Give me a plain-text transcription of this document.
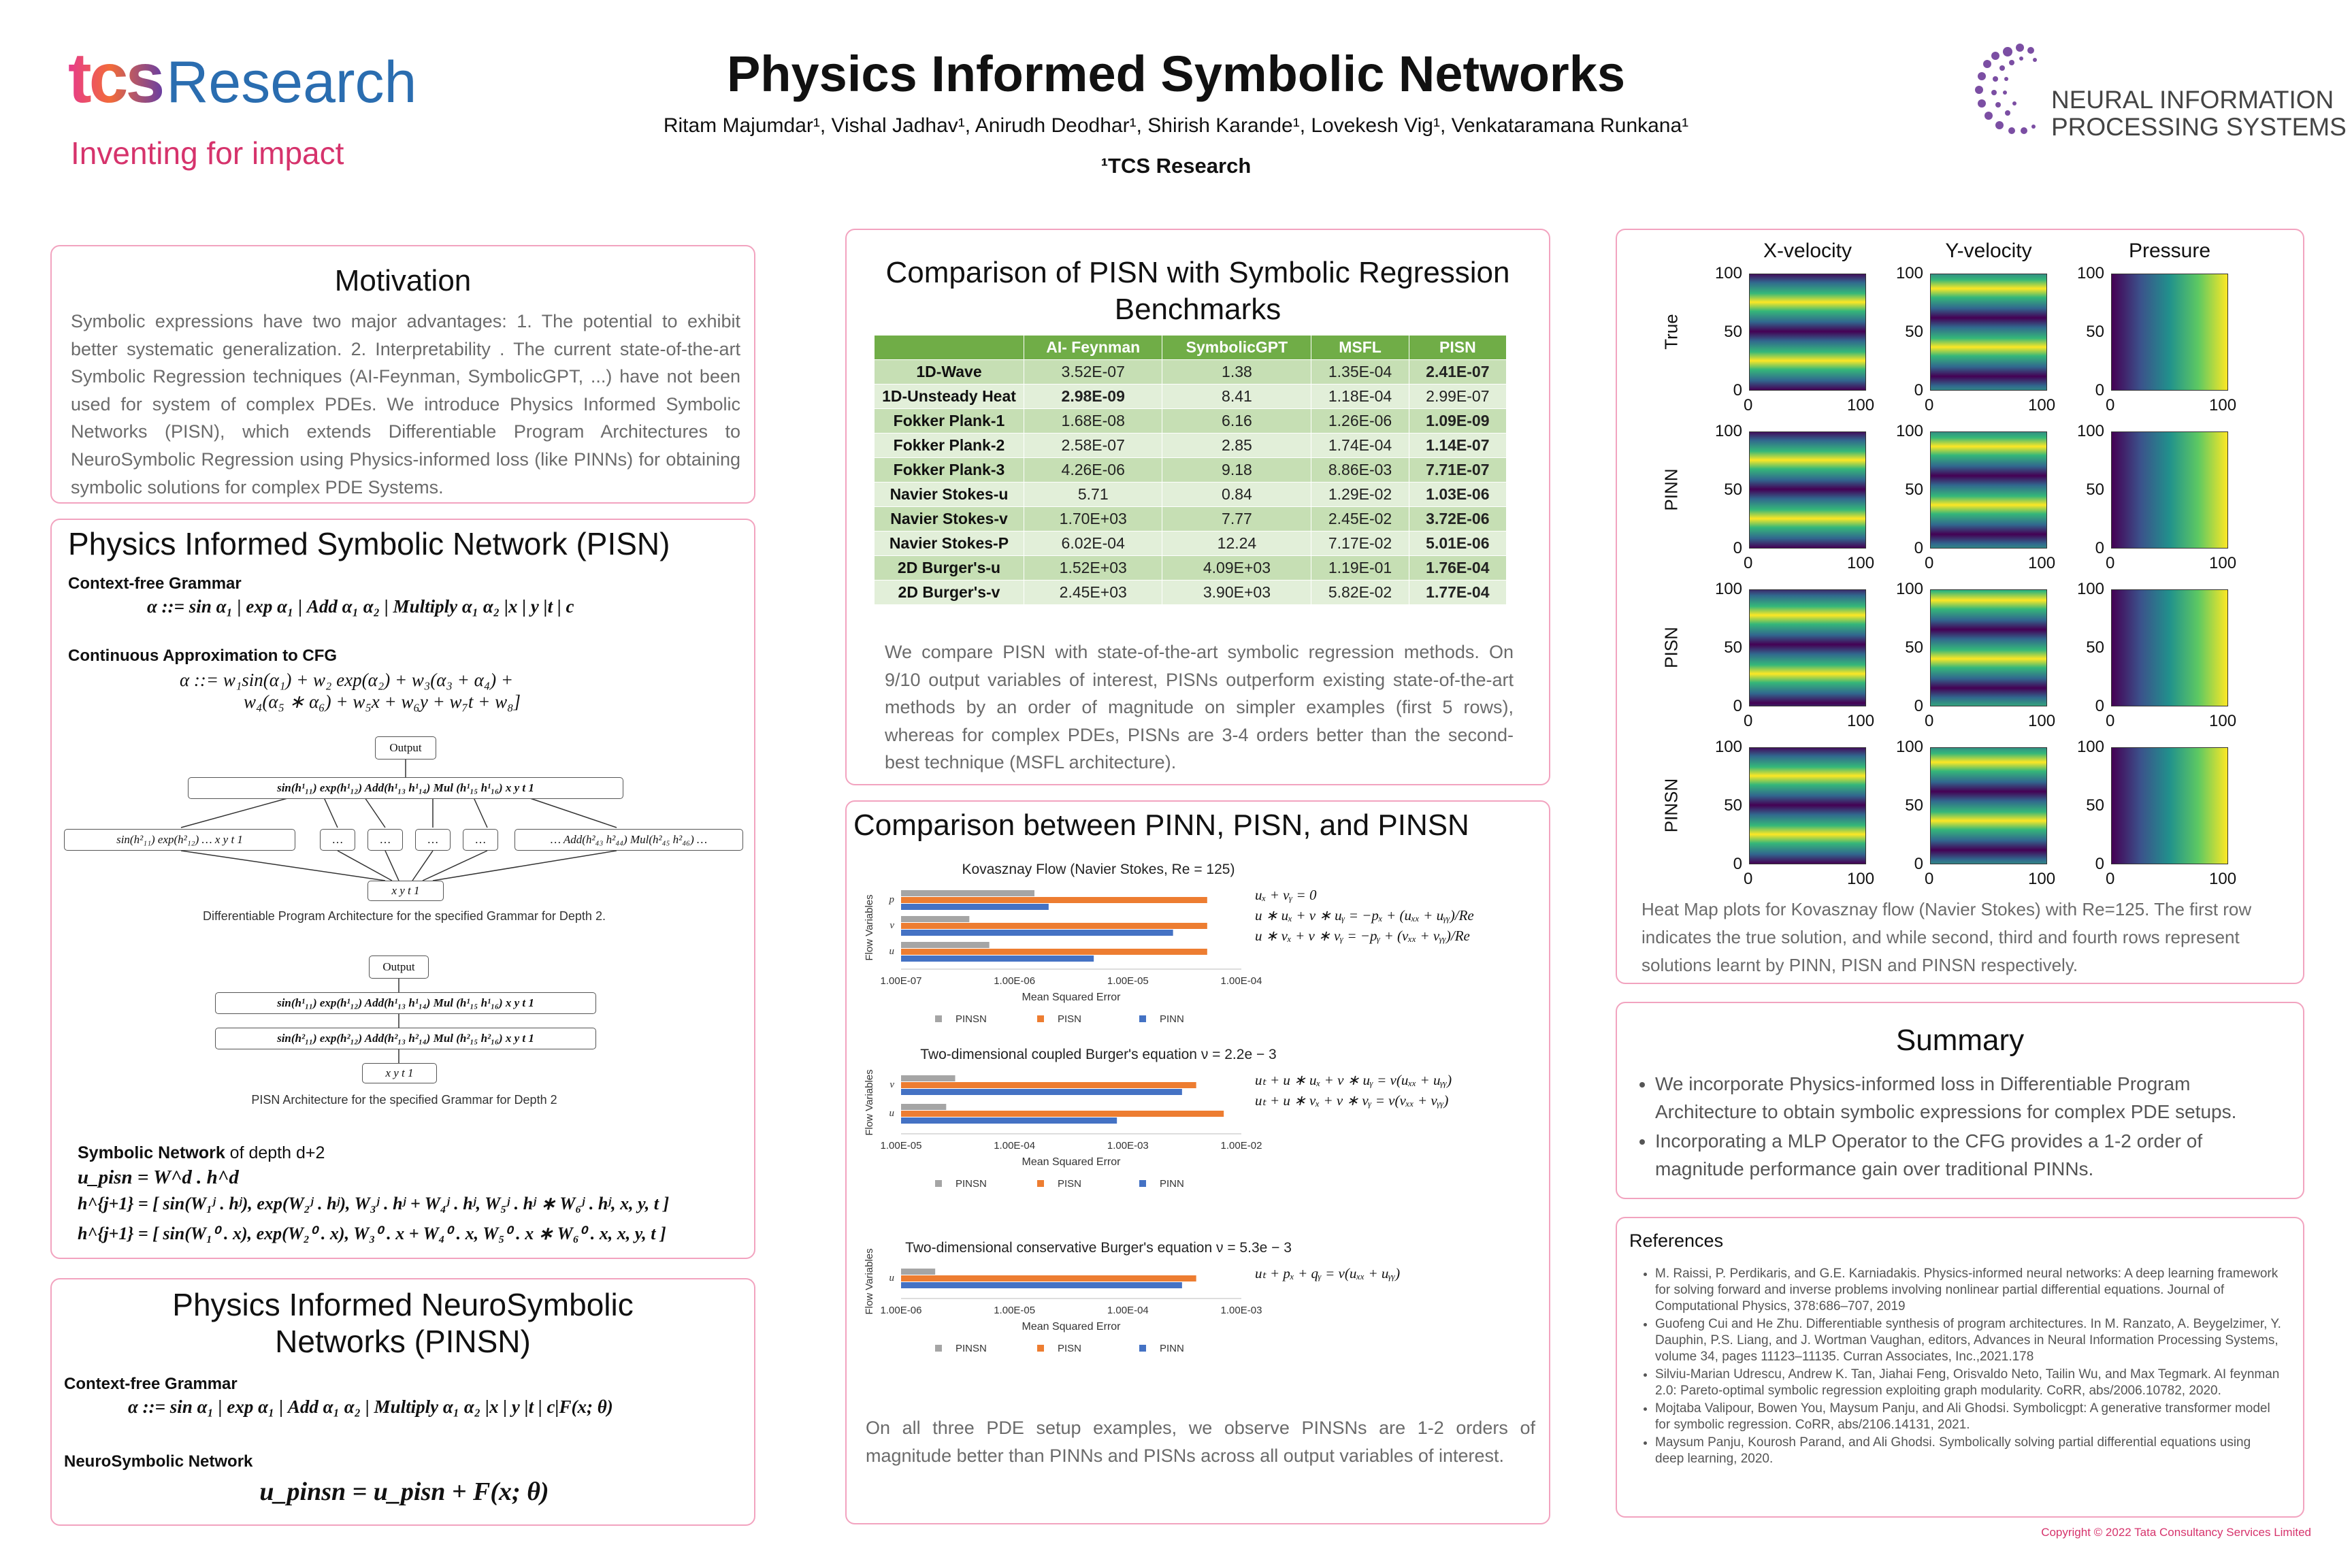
tcsResearch
Inventing for impact
Physics Informed Symbolic Networks
Ritam Majumdar¹, Vishal Jadhav¹, Anirudh Deodhar¹, Shirish Karande¹, Lovekesh Vig¹, Venkataramana Runkana¹
¹TCS Research
NEURAL INFORMATION
PROCESSING SYSTEMS
Motivation
Symbolic expressions have two major advantages: 1. The potential to exhibit better systematic generalization. 2. Interpretability . The current state-of-the-art Symbolic Regression techniques (AI-Feynman, SymbolicGPT, ...) have not been used for system of complex PDEs. We introduce Physics Informed Symbolic Networks (PISN), which extends Differentiable Program Architectures to NeuroSymbolic Regression using Physics-informed loss (like PINNs) for obtaining symbolic solutions for complex PDE Systems.
Physics Informed Symbolic Network (PISN)
Context-free Grammar
α ::= sin α₁ | exp α₁ | Add α₁ α₂ | Multiply α₁ α₂ |x | y |t | c
Continuous Approximation to CFG
α ::= w₁sin(α₁) + w₂ exp(α₂) + w₃(α₃ + α₄) +
w₄(α₅ ∗ α₆) + w₅x + w₆y + w₇t + w₈]
Output
sin(h¹₁₁) exp(h¹₁₂) Add(h¹₁₃ h¹₁₄) Mul (h¹₁₅ h¹₁₆) x y t 1
sin(h²₁₁) exp(h²₁₂) … x y t 1	…	…	…	…	… Add(h²₄₃ h²₄₄) Mul(h²₄₅ h²₄₆) …
x y t 1
Differentiable Program Architecture for the specified Grammar for Depth 2.
Output
sin(h¹₁₁) exp(h¹₁₂) Add(h¹₁₃ h¹₁₄) Mul (h¹₁₅ h¹₁₆) x y t 1
sin(h²₁₁) exp(h²₁₂) Add(h²₁₃ h²₁₄) Mul (h²₁₅ h²₁₆) x y t 1
x y t 1
PISN Architecture for the specified Grammar for Depth 2
Symbolic Network of depth d+2
u_pisn = W^d . h^d
h^{j+1} = [ sin(W₁ʲ . hʲ), exp(W₂ʲ . hʲ), W₃ʲ . hʲ + W₄ʲ . hʲ, W₅ʲ . hʲ ∗ W₆ʲ . hʲ, x, y, t ]
h^{j+1} = [ sin(W₁⁰ . x), exp(W₂⁰ . x), W₃⁰ . x + W₄⁰ . x, W₅⁰ . x ∗ W₆⁰ . x, x, y, t ]
Physics Informed NeuroSymbolic
Networks (PINSN)
Context-free Grammar
α ::= sin α₁ | exp α₁ | Add α₁ α₂ | Multiply α₁ α₂ |x | y |t | c|F(x; θ)
NeuroSymbolic Network
u_pinsn = u_pisn + F(x; θ)
Comparison of PISN with Symbolic Regression
Benchmarks
	AI- Feynman	SymbolicGPT	MSFL	PISN
1D-Wave	3.52E-07	1.38	1.35E-04	2.41E-07
1D-Unsteady Heat	2.98E-09	8.41	1.18E-04	2.99E-07
Fokker Plank-1	1.68E-08	6.16	1.26E-06	1.09E-09
Fokker Plank-2	2.58E-07	2.85	1.74E-04	1.14E-07
Fokker Plank-3	4.26E-06	9.18	8.86E-03	7.71E-07
Navier Stokes-u	5.71	0.84	1.29E-02	1.03E-06
Navier Stokes-v	1.70E+03	7.77	2.45E-02	3.72E-06
Navier Stokes-P	6.02E-04	12.24	7.17E-02	5.01E-06
2D Burger's-u	1.52E+03	4.09E+03	1.19E-01	1.76E-04
2D Burger's-v	2.45E+03	3.90E+03	5.82E-02	1.77E-04
We compare PISN with state-of-the-art symbolic regression methods. On 9/10 output variables of interest, PISNs outperform existing state-of-the-art methods by an order of magnitude on simpler examples (first 5 rows), whereas for complex PDEs, PISNs are 3-4 orders better than the second-best technique (MSFL architecture).
Comparison between PINN, PISN, and PINSN
Kovasznay Flow (Navier Stokes, Re = 125)
1.00E-07	1.00E-06	1.00E-05	1.00E-04
Mean Squared Error
Flow Variables p
v
u
PINSN	PISN	PINN
uₓ + vᵧ = 0
u ∗ uₓ + v ∗ uᵧ = −pₓ + (uₓₓ + uᵧᵧ)/Re
u ∗ vₓ + v ∗ vᵧ = −pᵧ + (vₓₓ + vᵧᵧ)/Re
Two-dimensional coupled Burger's equation ν = 2.2e − 3
1.00E-05	1.00E-04	1.00E-03	1.00E-02
Mean Squared Error
Flow Variables v
u
PINSN	PISN	PINN
uₜ + u ∗ uₓ + v ∗ uᵧ = ν(uₓₓ + uᵧᵧ)
uₜ + u ∗ vₓ + v ∗ vᵧ = ν(vₓₓ + vᵧᵧ)
Two-dimensional conservative Burger's equation ν = 5.3e − 3
1.00E-06	1.00E-05	1.00E-04	1.00E-03
Mean Squared Error
Flow Variables u
PINSN	PISN	PINN
uₜ + pₓ + qᵧ = ν(uₓₓ + uᵧᵧ)
On all three PDE setup examples, we observe PINSNs are 1-2 orders of magnitude better than PINNs and PISNs across all output variables of interest.
X-velocity	Y-velocity	Pressure
True
100
50
0
0	100
100
50
0
0	100
100
50
0
0	100
PINN
100
50
0
0	100
100
50
0
0	100
100
50
0
0	100
PISN
100
50
0
0	100
100
50
0
0	100
100
50
0
0	100
PINSN
100
50
0
0	100
100
50
0
0	100
100
50
0
0	100
Heat Map plots for Kovasznay flow (Navier Stokes) with Re=125. The first row indicates the true solution, and while second, third and fourth rows represent solutions learnt by PINN, PISN and PINSN respectively.
Summary
• We incorporate Physics-informed loss in Differentiable Program Architecture to obtain symbolic expressions for complex PDE setups.
• Incorporating a MLP Operator to the CFG provides a 1-2 order of magnitude performance gain over traditional PINNs.
References
• M. Raissi, P. Perdikaris, and G.E. Karniadakis. Physics-informed neural networks: A deep learning framework for solving forward and inverse problems involving nonlinear partial differential equations. Journal of Computational Physics, 378:686–707, 2019
• Guofeng Cui and He Zhu. Differentiable synthesis of program architectures. In M. Ranzato, A. Beygelzimer, Y. Dauphin, P.S. Liang, and J. Wortman Vaughan, editors, Advances in Neural Information Processing Systems, volume 34, pages 11123–11135. Curran Associates, Inc.,2021.178
• Silviu-Marian Udrescu, Andrew K. Tan, Jiahai Feng, Orisvaldo Neto, Tailin Wu, and Max Tegmark. AI feynman 2.0: Pareto-optimal symbolic regression exploiting graph modularity. CoRR, abs/2006.10782, 2020.
• Mojtaba Valipour, Bowen You, Maysum Panju, and Ali Ghodsi. Symbolicgpt: A generative transformer model for symbolic regression. CoRR, abs/2106.14131, 2021.
• Maysum Panju, Kourosh Parand, and Ali Ghodsi. Symbolically solving partial differential equations using deep learning, 2020.
Copyright © 2022 Tata Consultancy Services Limited
